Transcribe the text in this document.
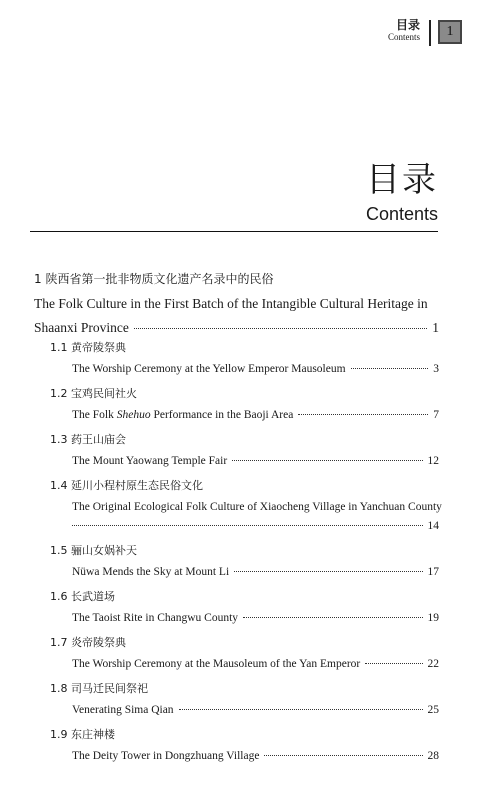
目录
Contents	1
目录
Contents
1 陕西省第一批非物质文化遗产名录中的民俗
The Folk Culture in the First Batch of the Intangible Cultural Heritage in
Shaanxi Province	1
1.1 黄帝陵祭典
The Worship Ceremony at the Yellow Emperor Mausoleum	3
1.2 宝鸡民间社火
The Folk Shehuo Performance in the Baoji Area	7
1.3 药王山庙会
The Mount Yaowang Temple Fair	12
1.4 延川小程村原生态民俗文化
The Original Ecological Folk Culture of Xiaocheng Village in Yanchuan County
14
1.5 骊山女娲补天
Nüwa Mends the Sky at Mount Li	17
1.6 长武道场
The Taoist Rite in Changwu County	19
1.7 炎帝陵祭典
The Worship Ceremony at the Mausoleum of the Yan Emperor	22
1.8 司马迁民间祭祀
Venerating Sima Qian	25
1.9 东庄神楼
The Deity Tower in Dongzhuang Village	28
